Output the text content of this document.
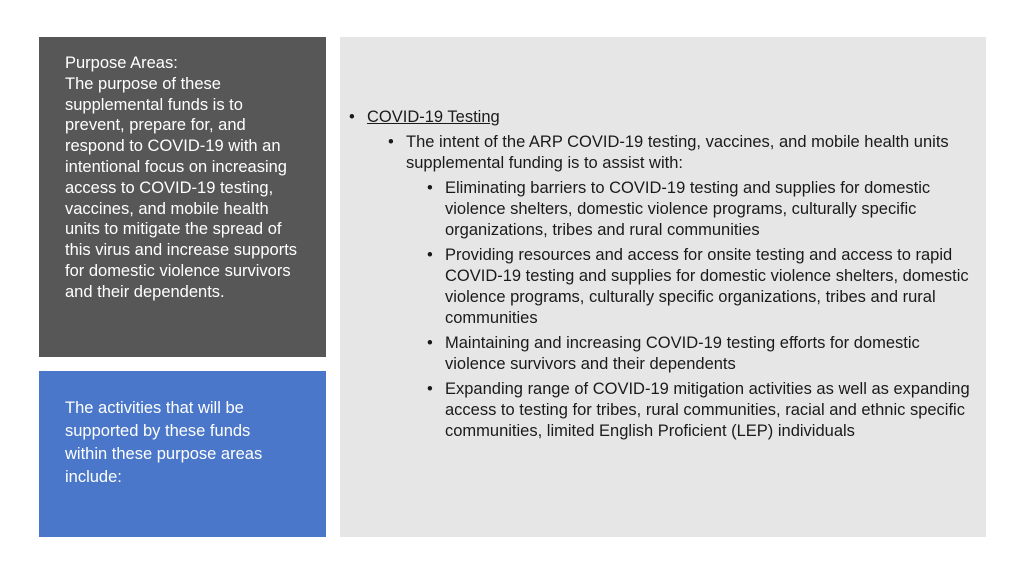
Purpose Areas:
The purpose of these supplemental funds is to prevent, prepare for, and respond to COVID-19 with an intentional focus on increasing access to COVID-19 testing, vaccines, and mobile health units to mitigate the spread of this virus and increase supports for domestic violence survivors and their dependents.
The activities that will be supported by these funds within these purpose areas include:
• COVID-19 Testing
• The intent of the ARP COVID-19 testing, vaccines, and mobile health units supplemental funding is to assist with:
• Eliminating barriers to COVID-19 testing and supplies for domestic violence shelters, domestic violence programs, culturally specific organizations, tribes and rural communities
• Providing resources and access for onsite testing and access to rapid COVID-19 testing and supplies for domestic violence shelters, domestic violence programs, culturally specific organizations, tribes and rural communities
• Maintaining and increasing COVID-19 testing efforts for domestic violence survivors and their dependents
• Expanding range of COVID-19 mitigation activities as well as expanding access to testing for tribes, rural communities, racial and ethnic specific communities, limited English Proficient (LEP) individuals
